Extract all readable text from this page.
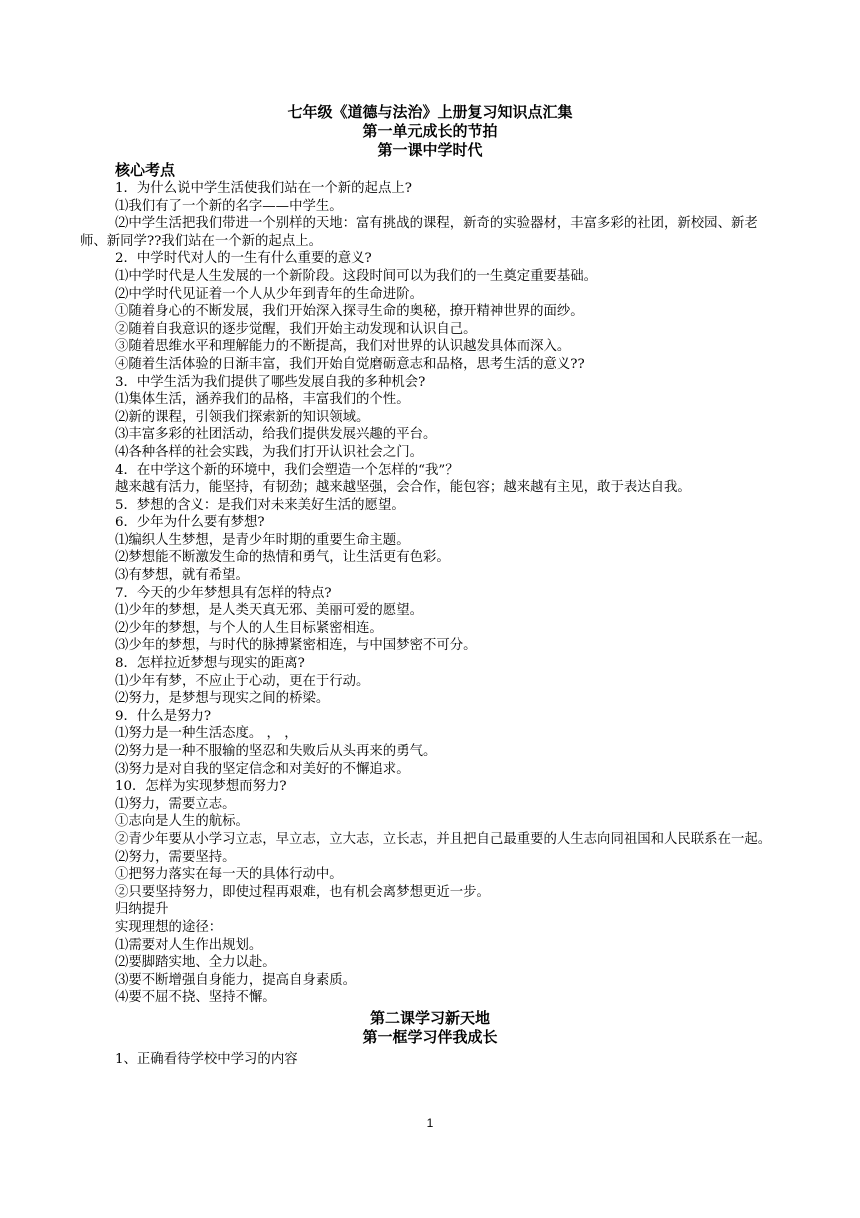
七年级《道德与法治》上册复习知识点汇集

第一单元成长的节拍

第一课中学时代

核心考点

1．为什么说中学生活使我们站在一个新的起点上?

⑴我们有了一个新的名字——中学生。

⑵中学生活把我们带进一个别样的天地：富有挑战的课程，新奇的实验器材，丰富多彩的社团，新校园、新老师、新同学??我们站在一个新的起点上。

2．中学时代对人的一生有什么重要的意义?

⑴中学时代是人生发展的一个新阶段。这段时间可以为我们的一生奠定重要基础。

⑵中学时代见证着一个人从少年到青年的生命进阶。

①随着身心的不断发展，我们开始深入探寻生命的奥秘，撩开精神世界的面纱。

②随着自我意识的逐步觉醒，我们开始主动发现和认识自己。

③随着思维水平和理解能力的不断提高，我们对世界的认识越发具体而深入。

④随着生活体验的日渐丰富，我们开始自觉磨砺意志和品格，思考生活的意义??

3．中学生活为我们提供了哪些发展自我的多种机会?

⑴集体生活，涵养我们的品格，丰富我们的个性。

⑵新的课程，引领我们探索新的知识领域。

⑶丰富多彩的社团活动，给我们提供发展兴趣的平台。

⑷各种各样的社会实践，为我们打开认识社会之门。

4．在中学这个新的环境中，我们会塑造一个怎样的“我”？

越来越有活力，能坚持，有韧劲；越来越坚强，会合作，能包容；越来越有主见，敢于表达自我。

5．梦想的含义：是我们对未来美好生活的愿望。

6．少年为什么要有梦想?

⑴编织人生梦想，是青少年时期的重要生命主题。

⑵梦想能不断激发生命的热情和勇气，让生活更有色彩。

⑶有梦想，就有希望。

7．今天的少年梦想具有怎样的特点?

⑴少年的梦想，是人类天真无邪、美丽可爱的愿望。

⑵少年的梦想，与个人的人生目标紧密相连。

⑶少年的梦想，与时代的脉搏紧密相连，与中国梦密不可分。

8．怎样拉近梦想与现实的距离?

⑴少年有梦，不应止于心动，更在于行动。

⑵努力，是梦想与现实之间的桥梁。

9．什么是努力?

⑴努力是一种生活态度。 ， ，

⑵努力是一种不服输的坚忍和失败后从头再来的勇气。

⑶努力是对自我的坚定信念和对美好的不懈追求。

10．怎样为实现梦想而努力?

⑴努力，需要立志。

①志向是人生的航标。

②青少年要从小学习立志，早立志，立大志，立长志，并且把自己最重要的人生志向同祖国和人民联系在一起。

⑵努力，需要坚持。

①把努力落实在每一天的具体行动中。

②只要坚持努力，即使过程再艰难，也有机会离梦想更近一步。

归纳提升

实现理想的途径：

⑴需要对人生作出规划。

⑵要脚踏实地、全力以赴。

⑶要不断增强自身能力，提高自身素质。

⑷要不屈不挠、坚持不懈。

第二课学习新天地

第一框学习伴我成长

1、正确看待学校中学习的内容

1
